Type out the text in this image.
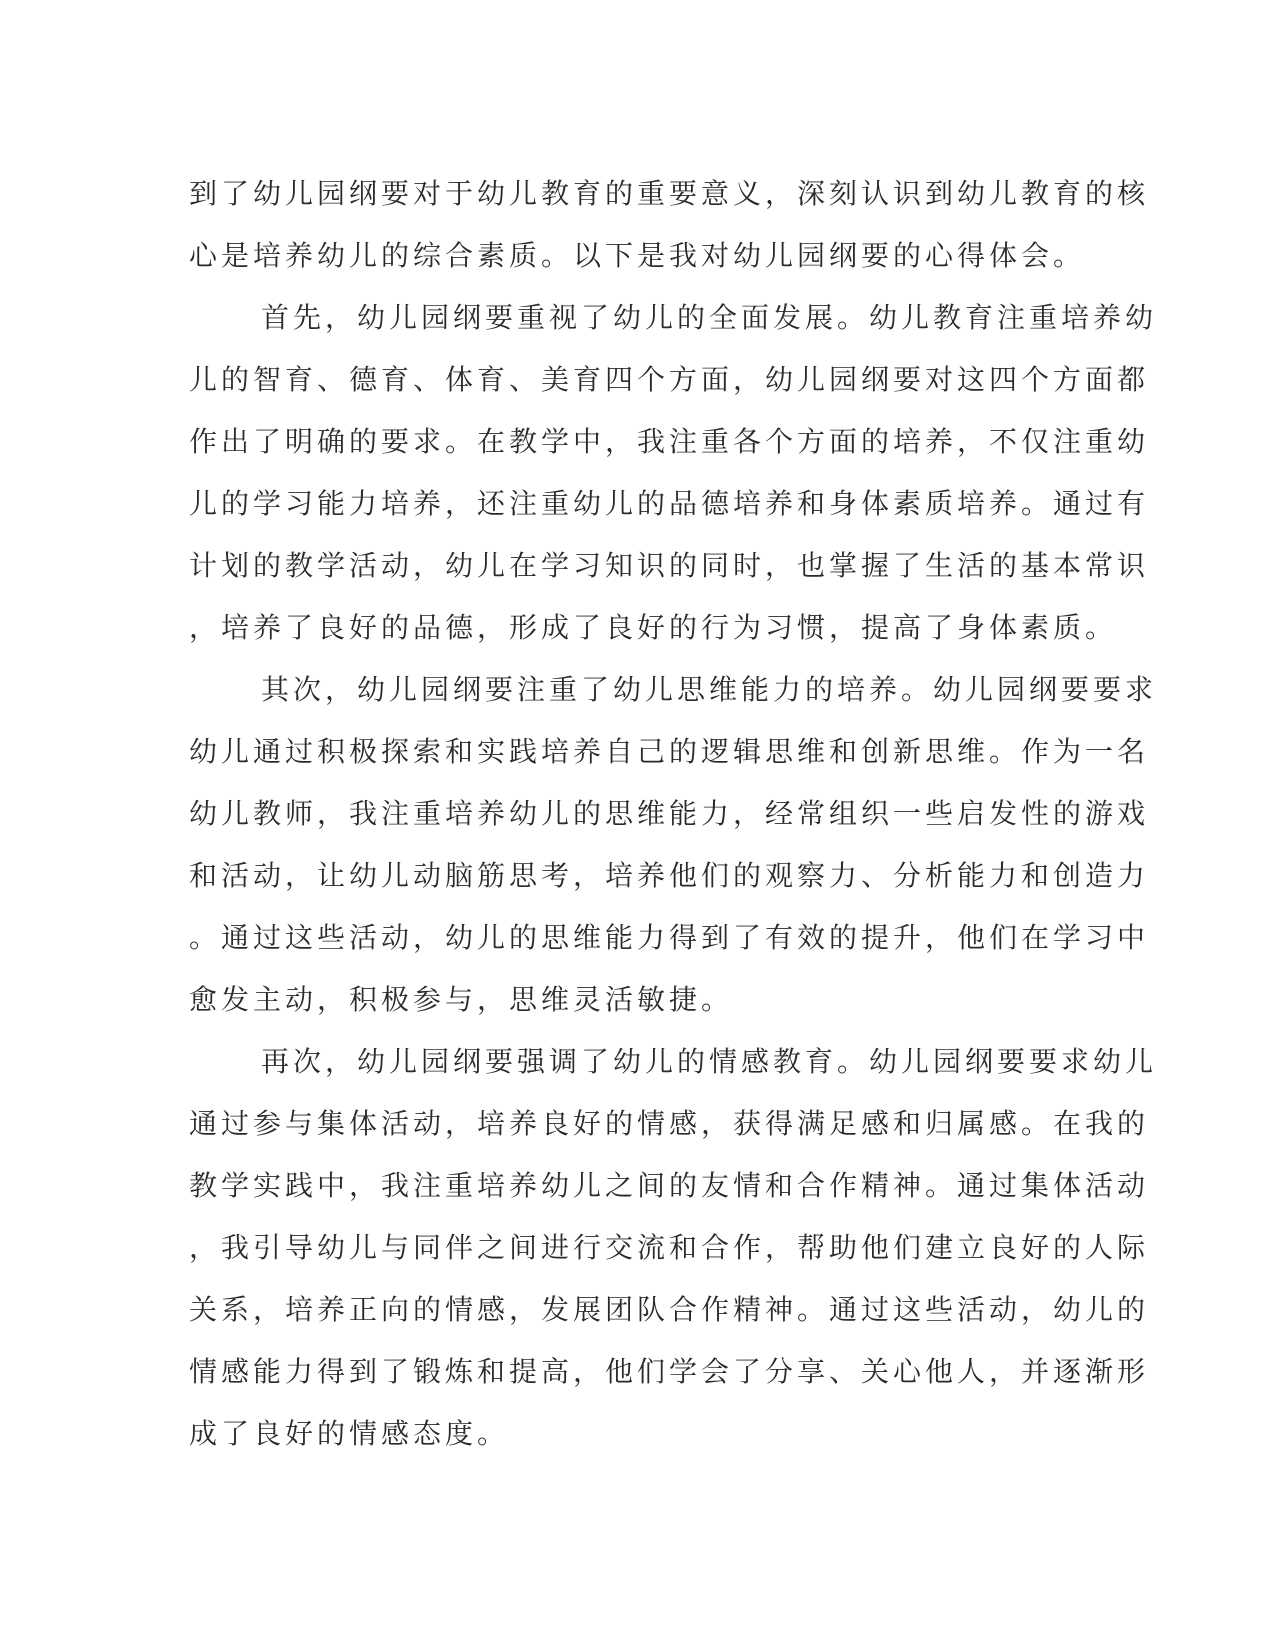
到了幼儿园纲要对于幼儿教育的重要意义，深刻认识到幼儿教育的核
心是培养幼儿的综合素质。以下是我对幼儿园纲要的心得体会。
首先，幼儿园纲要重视了幼儿的全面发展。幼儿教育注重培养幼
儿的智育、德育、体育、美育四个方面，幼儿园纲要对这四个方面都
作出了明确的要求。在教学中，我注重各个方面的培养，不仅注重幼
儿的学习能力培养，还注重幼儿的品德培养和身体素质培养。通过有
计划的教学活动，幼儿在学习知识的同时，也掌握了生活的基本常识
，培养了良好的品德，形成了良好的行为习惯，提高了身体素质。
其次，幼儿园纲要注重了幼儿思维能力的培养。幼儿园纲要要求
幼儿通过积极探索和实践培养自己的逻辑思维和创新思维。作为一名
幼儿教师，我注重培养幼儿的思维能力，经常组织一些启发性的游戏
和活动，让幼儿动脑筋思考，培养他们的观察力、分析能力和创造力
。通过这些活动，幼儿的思维能力得到了有效的提升，他们在学习中
愈发主动，积极参与，思维灵活敏捷。
再次，幼儿园纲要强调了幼儿的情感教育。幼儿园纲要要求幼儿
通过参与集体活动，培养良好的情感，获得满足感和归属感。在我的
教学实践中，我注重培养幼儿之间的友情和合作精神。通过集体活动
，我引导幼儿与同伴之间进行交流和合作，帮助他们建立良好的人际
关系，培养正向的情感，发展团队合作精神。通过这些活动，幼儿的
情感能力得到了锻炼和提高，他们学会了分享、关心他人，并逐渐形
成了良好的情感态度。
